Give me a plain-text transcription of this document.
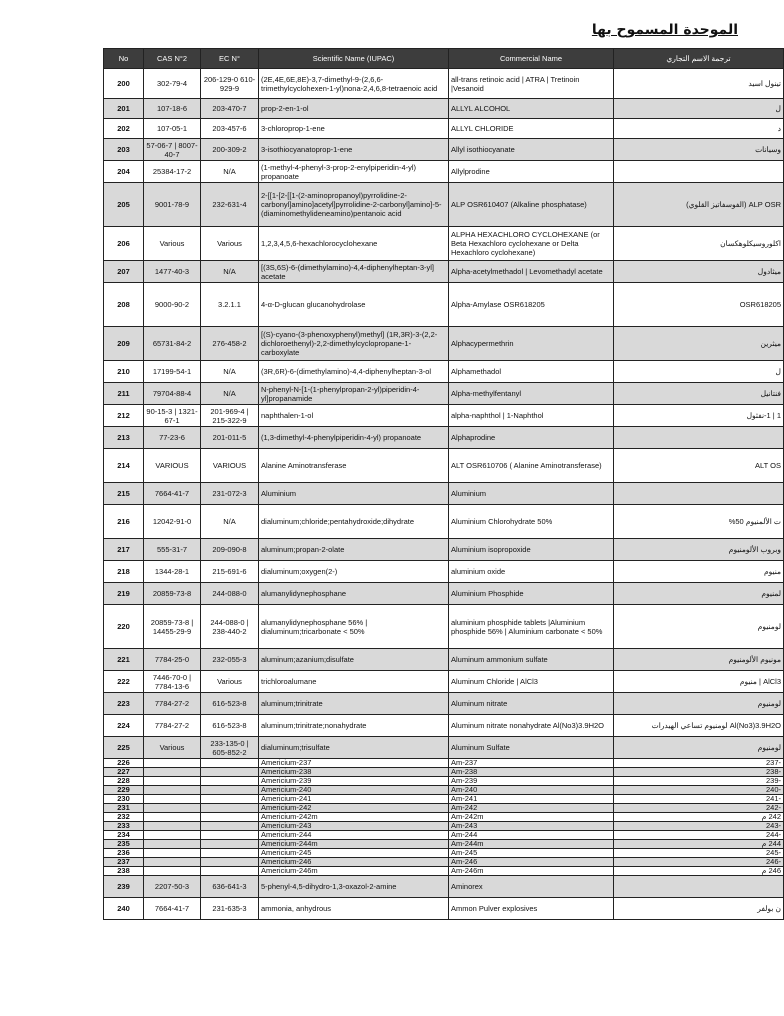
الموحدة المسموح بها
No	CAS N°2	EC N°	Scientific Name (IUPAC)	Commercial Name	ترجمة الاسم التجاري
200	302-79-4	206-129-0 610-929-9	(2E,4E,6E,8E)-3,7-dimethyl-9-(2,6,6-trimethylcyclohexen-1-yl)nona-2,4,6,8-tetraenoic acid	all-trans retinoic acid | ATRA | Tretinoin |Vesanoid	تينول اسيد
201	107-18-6	203-470-7	prop-2-en-1-ol	ALLYL ALCOHOL	ل
202	107-05-1	203-457-6	3-chloroprop-1-ene	ALLYL CHLORIDE	د
203	57-06-7 | 8007-40-7	200-309-2	3-isothiocyanatoprop-1-ene	Allyl isothiocyanate	وسيانات
204	25384-17-2	N/A	(1-methyl-4-phenyl-3-prop-2-enylpiperidin-4-yl) propanoate	Allylprodine	
205	9001-78-9	232-631-4	2-[[1-[2-[[1-(2-aminopropanoyl)pyrrolidine-2-carbonyl]amino]acetyl]pyrrolidine-2-carbonyl]amino]-5-(diaminomethylideneamino)pentanoic acid	ALP OSR610407 (Alkaline phosphatase)	ALP OSR (الفوسفاتيز القلوي)
206	Various	Various	1,2,3,4,5,6-hexachlorocyclohexane	ALPHA HEXACHLORO CYCLOHEXANE (or Beta Hexachloro cyclohexane or Delta Hexachloro cyclohexane)	اكلوروسيكلوهكسان
207	1477-40-3	N/A	[(3S,6S)-6-(dimethylamino)-4,4-diphenylheptan-3-yl] acetate	Alpha-acetylmethadol | Levomethadyl acetate	ميثادول
208	9000-90-2	3.2.1.1	4-α-D-glucan glucanohydrolase	Alpha-Amylase OSR618205	OSR618205
209	65731-84-2	276-458-2	[(S)-cyano-(3-phenoxyphenyl)methyl] (1R,3R)-3-(2,2-dichloroethenyl)-2,2-dimethylcyclopropane-1-carboxylate	Alphacypermethrin	ميثرين
210	17199-54-1	N/A	(3R,6R)-6-(dimethylamino)-4,4-diphenylheptan-3-ol	Alphamethadol	ل
211	79704-88-4	N/A	N-phenyl-N-[1-(1-phenylpropan-2-yl)piperidin-4-yl]propanamide	Alpha-methylfentanyl	فنتانيل
212	90-15-3 | 1321-67-1	201-969-4 | 215-322-9	naphthalen-1-ol	alpha-naphthol | 1-Naphthol	1 | 1-نفثول
213	77-23-6	201-011-5	(1,3-dimethyl-4-phenylpiperidin-4-yl) propanoate	Alphaprodine	
214	VARIOUS	VARIOUS	Alanine Aminotransferase	ALT OSR610706 ( Alanine Aminotransferase)	ALT OS
215	7664-41-7	231-072-3	Aluminium	Aluminium	
216	12042-91-0	N/A	dialuminum;chloride;pentahydroxide;dihydrate	Aluminium Chlorohydrate 50%	ت الألمنيوم 50%
217	555-31-7	209-090-8	aluminum;propan-2-olate	Aluminium isopropoxide	وبروب الألومنيوم
218	1344-28-1	215-691-6	dialuminum;oxygen(2-)	aluminium oxide	منيوم
219	20859-73-8	244-088-0	alumanylidynephosphane	Aluminium Phosphide	لمنيوم
220	20859-73-8 | 14455-29-9	244-088-0 | 238-440-2	alumanylidynephosphane 56% | dialuminum;tricarbonate < 50%	aluminium phosphide tablets |Aluminium phosphide 56% | Aluminium carbonate < 50%	لومنيوم
221	7784-25-0	232-055-3	aluminum;azanium;disulfate	Aluminum ammonium sulfate	مونيوم الألومنيوم
222	7446-70-0 | 7784-13-6	Various	trichloroalumane	Aluminum Chloride | AlCl3	AlCl3 | منيوم
223	7784-27-2	616-523-8	aluminum;trinitrate	Aluminum nitrate	لومنيوم
224	7784-27-2	616-523-8	aluminum;trinitrate;nonahydrate	Aluminum nitrate nonahydrate Al(No3)3.9H2O	Al(No3)3.9H2O لومنيوم تساعي الهيدرات
225	Various	233-135-0 | 605-852-2	dialuminum;trisulfate	Aluminum Sulfate	لومنيوم
226			Americium-237	Am-237	-237
227			Americium-238	Am-238	-238
228			Americium-239	Am-239	-239
229			Americium-240	Am-240	-240
230			Americium-241	Am-241	-241
231			Americium-242	Am-242	-242
232			Americium-242m	Am-242m	242 م
233			Americium-243	Am-243	-243
234			Americium-244	Am-244	-244
235			Americium-244m	Am-244m	244 م
236			Americium-245	Am-245	-245
237			Americium-246	Am-246	-246
238			Americium-246m	Am-246m	246 م
239	2207-50-3	636-641-3	5-phenyl-4,5-dihydro-1,3-oxazol-2-amine	Aminorex	
240	7664-41-7	231-635-3	ammonia, anhydrous	Ammon Pulver explosives	ن بولفر
